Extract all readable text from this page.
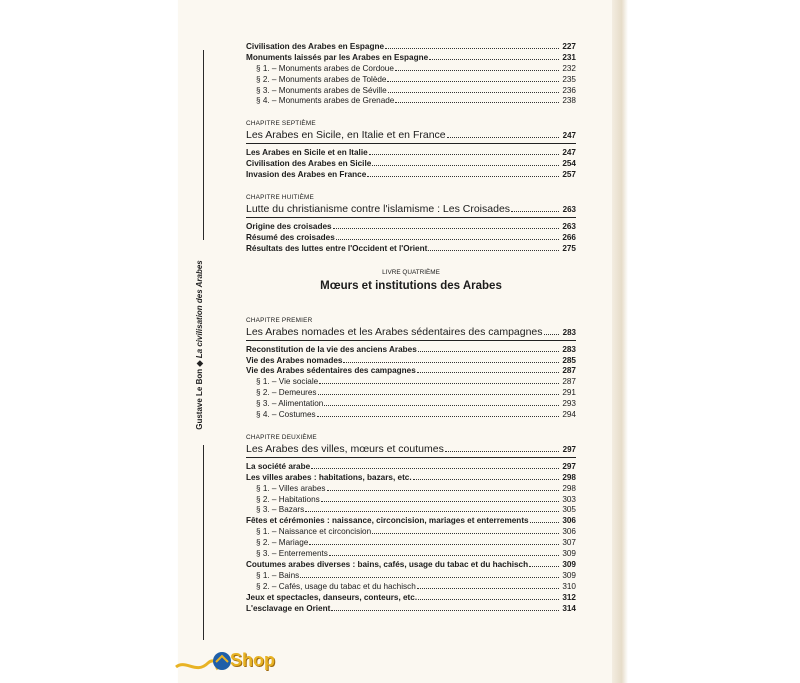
Gustave Le Bon ◆ La civilisation des Arabes
Civilisation des Arabes en Espagne	227
Monuments laissés par les Arabes en Espagne	231
§ 1. – Monuments arabes de Cordoue	232
§ 2. – Monuments arabes de Tolède	235
§ 3. – Monuments arabes de Séville	236
§ 4. – Monuments arabes de Grenade	238
CHAPITRE SEPTIÈME
Les Arabes en Sicile, en Italie et en France	247
Les Arabes en Sicile et en Italie	247
Civilisation des Arabes en Sicile	254
Invasion des Arabes en France	257
CHAPITRE HUITIÈME
Lutte du christianisme contre l'islamisme : Les Croisades	263
Origine des croisades	263
Résumé des croisades	266
Résultats des luttes entre l'Occident et l'Orient	275
LIVRE QUATRIÈME
Mœurs et institutions des Arabes
CHAPITRE PREMIER
Les Arabes nomades et les Arabes sédentaires des campagnes	283
Reconstitution de la vie des anciens Arabes	283
Vie des Arabes nomades	285
Vie des Arabes sédentaires des campagnes	287
§ 1. – Vie sociale	287
§ 2. – Demeures	291
§ 3. – Alimentation	293
§ 4. – Costumes	294
CHAPITRE DEUXIÈME
Les Arabes des villes, mœurs et coutumes	297
La société arabe	297
Les villes arabes : habitations, bazars, etc.	298
§ 1. – Villes arabes	298
§ 2. – Habitations	303
§ 3. – Bazars	305
Fêtes et cérémonies : naissance, circoncision, mariages et enterrements	306
§ 1. – Naissance et circoncision	306
§ 2. – Mariage	307
§ 3. – Enterrements	309
Coutumes arabes diverses : bains, cafés, usage du tabac et du hachisch	309
§ 1. – Bains	309
§ 2. – Cafés, usage du tabac et du hachisch	310
Jeux et spectacles, danseurs, conteurs, etc.	312
L'esclavage en Orient	314
Shop
